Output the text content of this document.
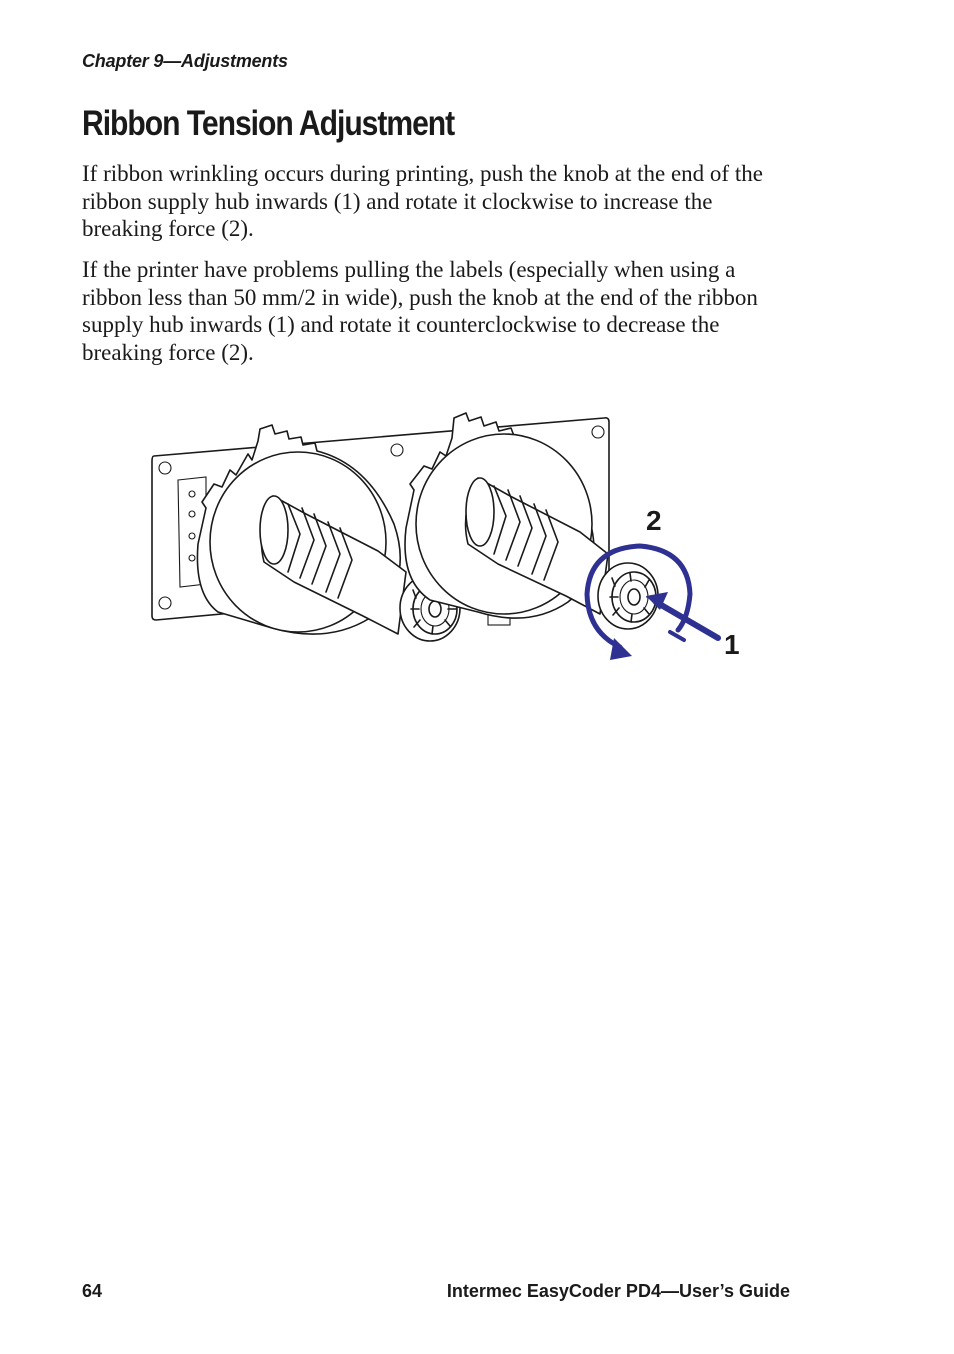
Chapter 9—Adjustments
Ribbon Tension Adjustment

If ribbon wrinkling occurs during printing, push the knob at the end of the ribbon supply hub inwards (1) and rotate it clockwise to increase the breaking force (2).

If the printer have problems pulling the labels (especially when using a ribbon less than 50 mm/2 in wide), push the knob at the end of the ribbon supply hub inwards (1) and rotate it counterclockwise to decrease the breaking force (2).

2
1
64	Intermec EasyCoder PD4—User’s Guide
